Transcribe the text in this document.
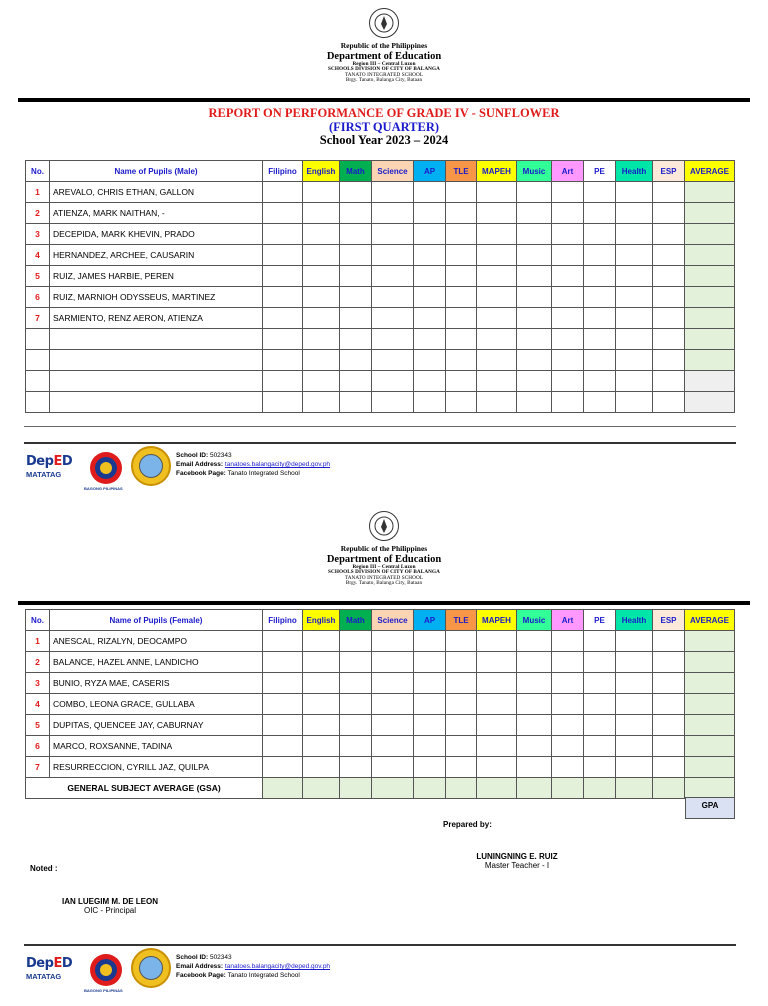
Republic of the Philippines
Department of Education
Region III – Central Luzon
SCHOOLS DIVISION OF CITY OF BALANGA
TANATO INTEGRATED SCHOOL
Brgy. Tanato, Balanga City, Bataan
REPORT ON PERFORMANCE OF GRADE IV - SUNFLOWER
(FIRST QUARTER)
School Year 2023 – 2024
No.	Name of Pupils (Male)	Filipino	English	Math	Science	AP	TLE	MAPEH	Music	Art	PE	Health	ESP	AVERAGE
1	AREVALO, CHRIS ETHAN, GALLON													
2	ATIENZA, MARK NAITHAN, -													
3	DECEPIDA, MARK KHEVIN, PRADO													
4	HERNANDEZ, ARCHEE, CAUSARIN													
5	RUIZ, JAMES HARBIE, PEREN													
6	RUIZ, MARNIOH ODYSSEUS, MARTINEZ													
7	SARMIENTO, RENZ AERON, ATIENZA													

DepED
MATATAG
BAGONG PILIPINAS
School ID: 502343
Email Address: tanatoes.balangacity@deped.gov.ph
Facebook Page: Tanato Integrated School
Republic of the Philippines
Department of Education
Region III – Central Luzon
SCHOOLS DIVISION OF CITY OF BALANGA
TANATO INTEGRATED SCHOOL
Brgy. Tanato, Balanga City, Bataan
No.	Name of Pupils (Female)	Filipino	English	Math	Science	AP	TLE	MAPEH	Music	Art	PE	Health	ESP	AVERAGE
1	ANESCAL, RIZALYN, DEOCAMPO													
2	BALANCE, HAZEL ANNE, LANDICHO													
3	BUNIO, RYZA MAE, CASERIS													
4	COMBO, LEONA GRACE, GULLABA													
5	DUPITAS, QUENCEE JAY, CABURNAY													
6	MARCO, ROXSANNE, TADINA													
7	RESURRECCION, CYRILL JAZ, QUILPA													
GENERAL SUBJECT AVERAGE (GSA)														
GPA
Prepared by:
LUNINGNING E. RUIZ
Master Teacher - I
Noted :
IAN LUEGIM M. DE LEON
OIC - Principal
DepED
MATATAG
BAGONG PILIPINAS
School ID: 502343
Email Address: tanatoes.balangacity@deped.gov.ph
Facebook Page: Tanato Integrated School
